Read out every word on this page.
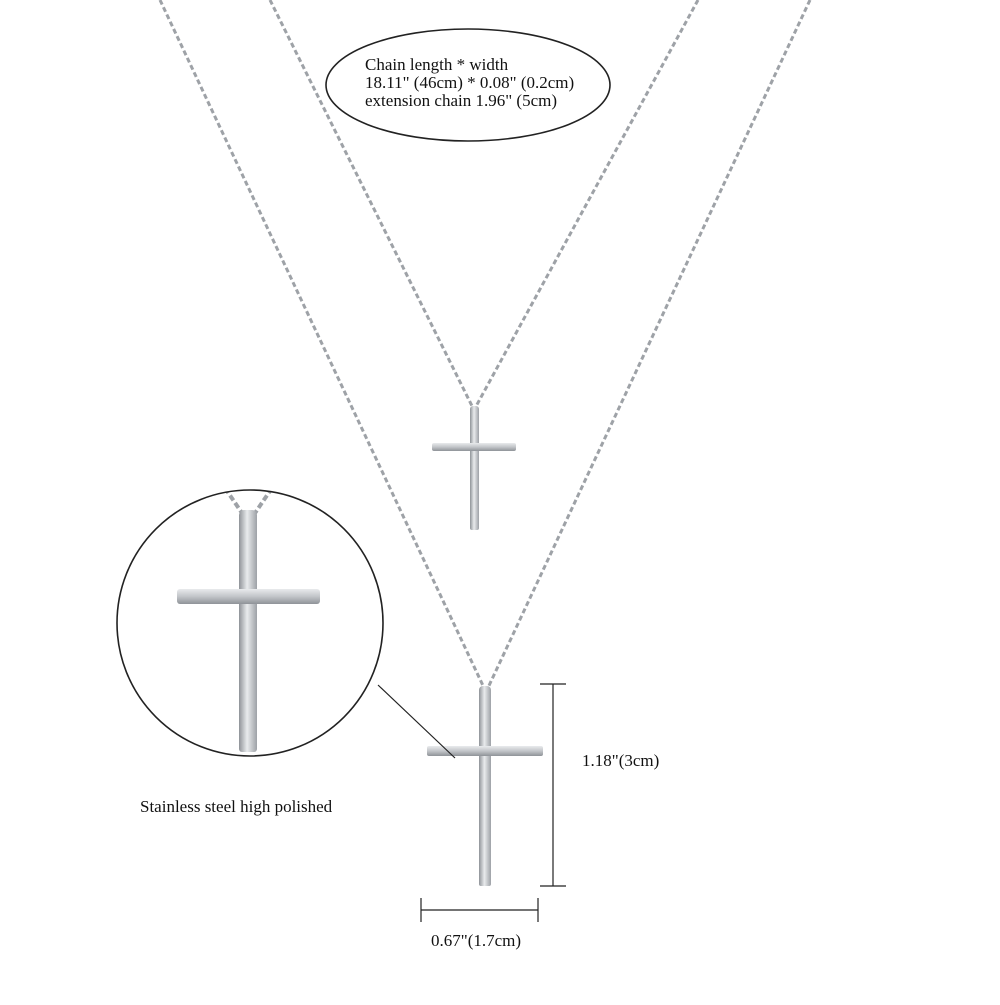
Chain length * width
18.11" (46cm) * 0.08" (0.2cm)
extension chain 1.96" (5cm)
Stainless steel high polished
1.18"(3cm)
0.67"(1.7cm)
